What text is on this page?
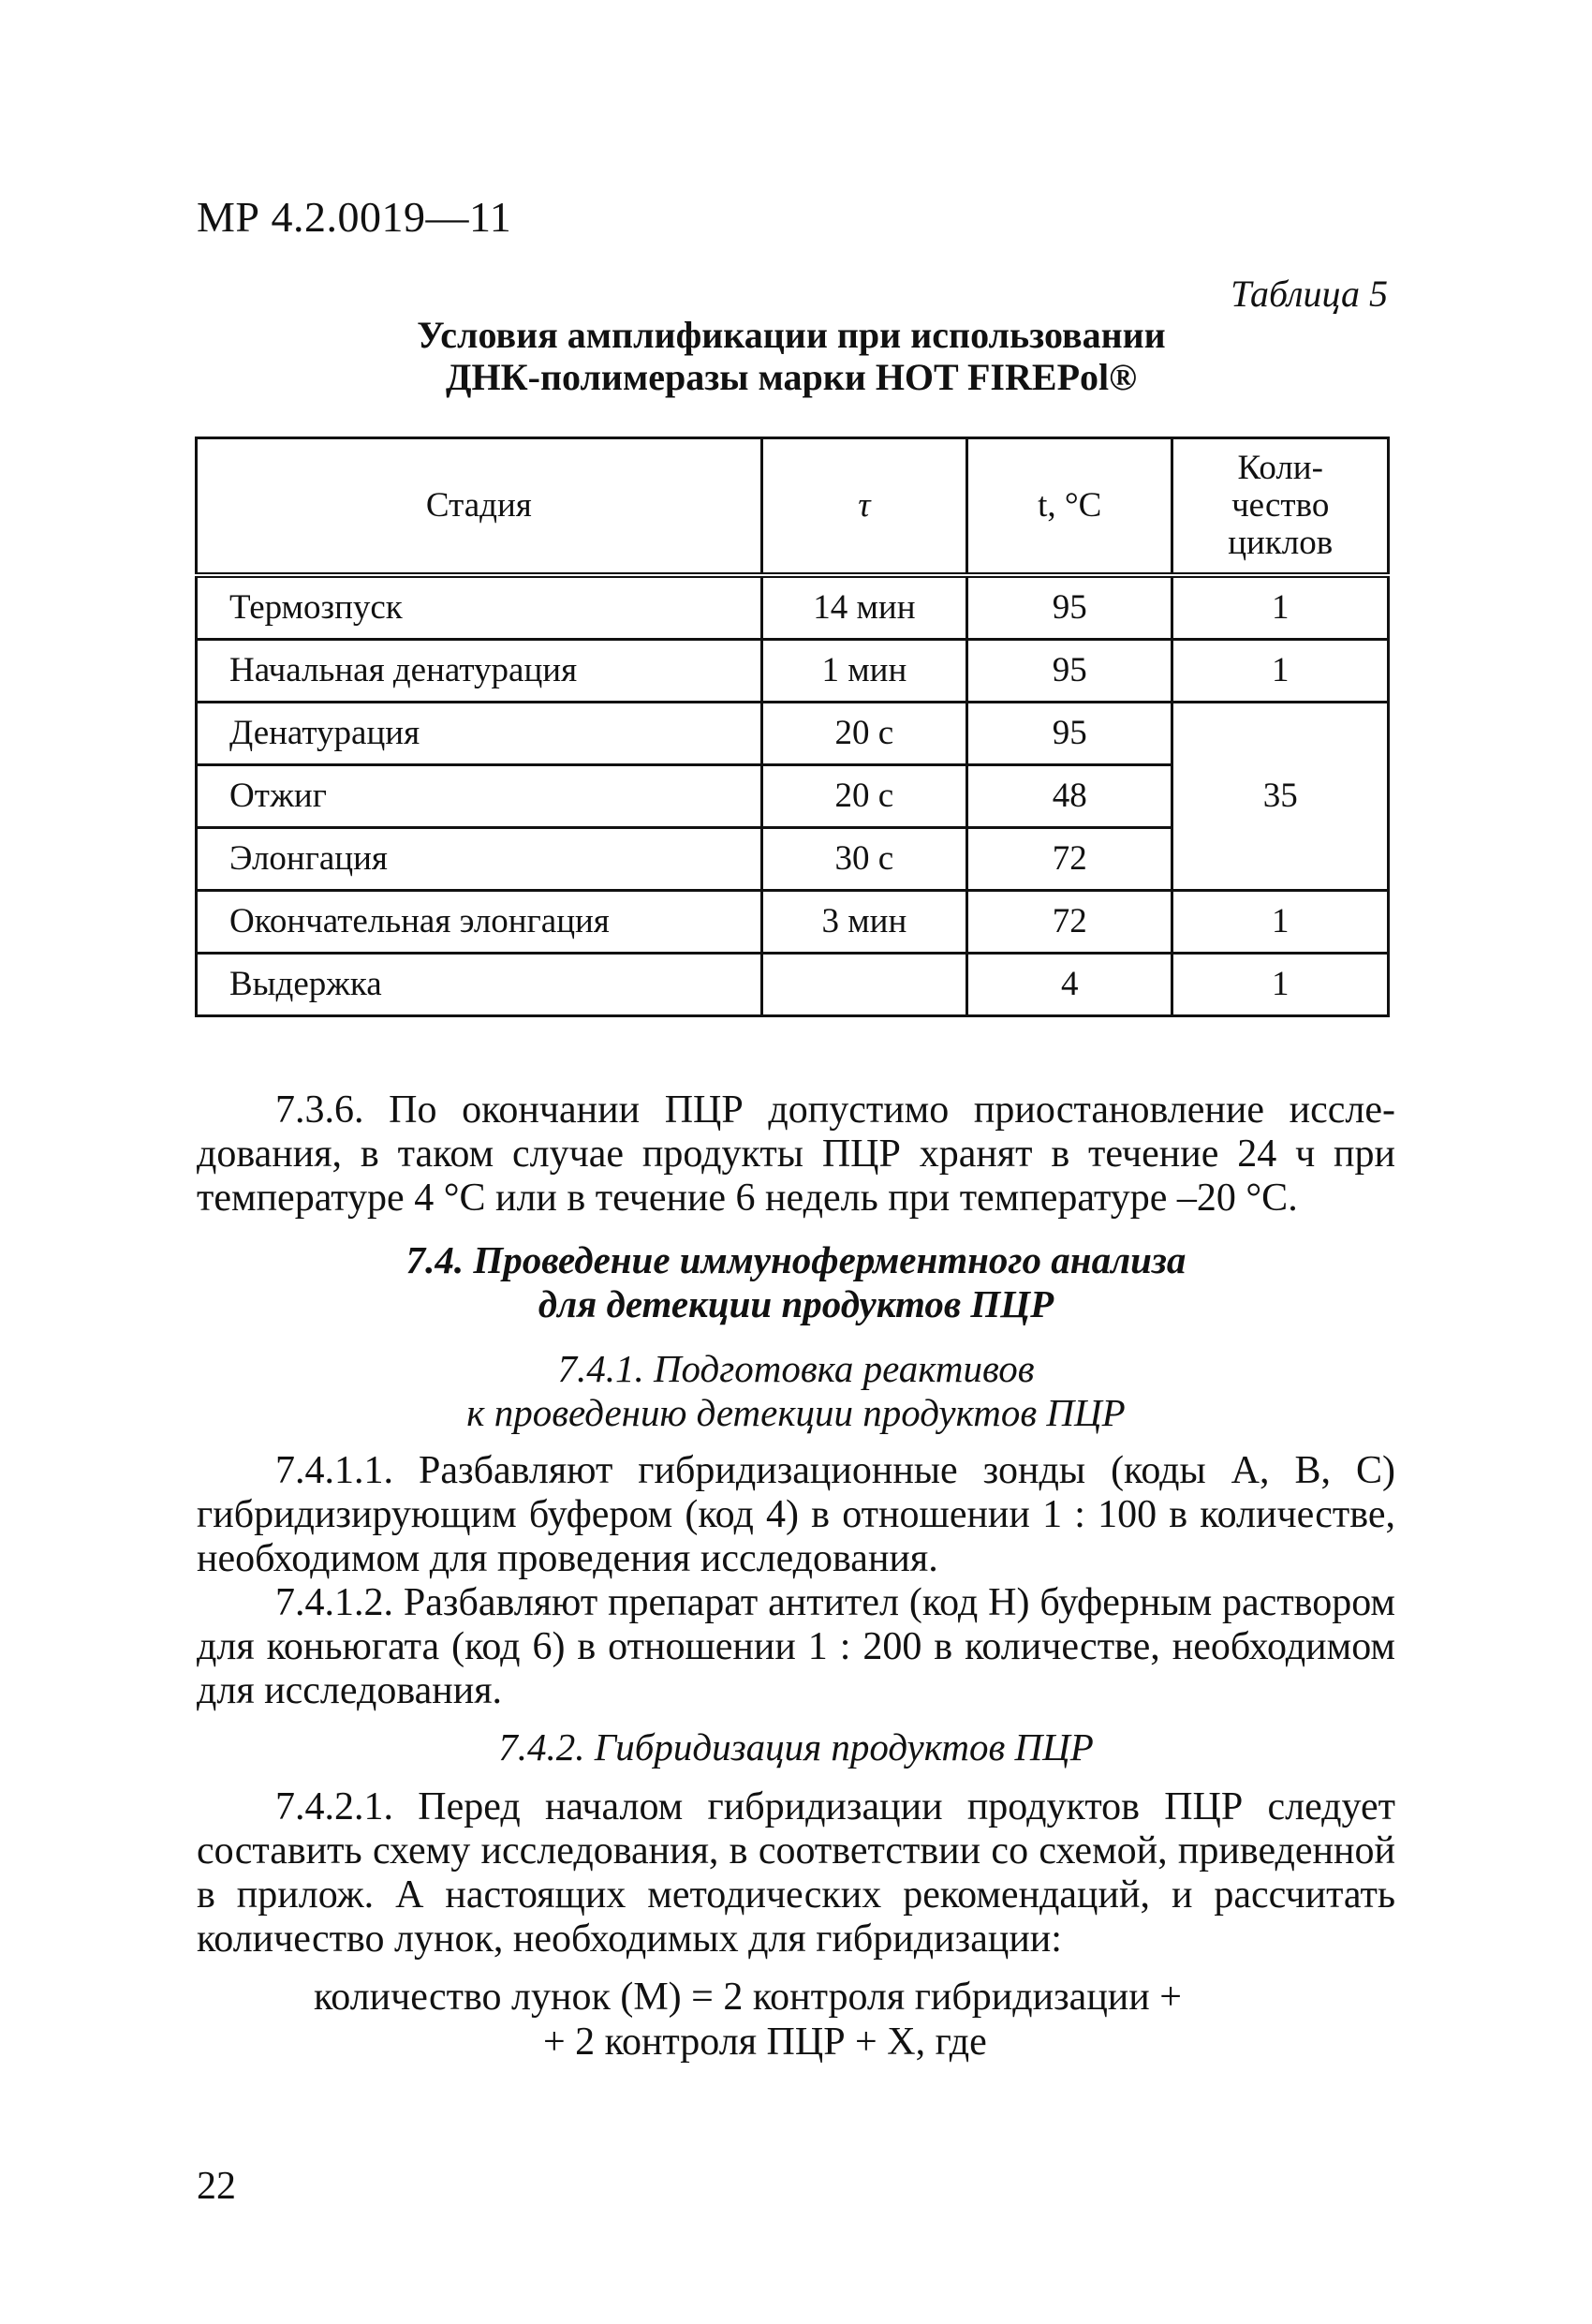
МР 4.2.0019—11
Таблица 5
Условия амплификации при использовании
ДНК-полимеразы марки HOT FIREPol®
Стадия	τ	t, °С	Коли-
чество
циклов

Термозпуск	14 мин	95	1
Начальная денатурация	1 мин	95	1
Денатурация	20 с	95	35
Отжиг	20 с	48	
Элонгация	30 с	72	
Окончательная элонгация	3 мин	72	1
Выдержка		4	1

7.3.6. По окончании ПЦР допустимо приостановление исследования, в таком случае продукты ПЦР хранят в течение 24 ч при температуре 4 °С или в течение 6 недель при температуре –20 °С.

7.4. Проведение иммуноферментного анализа
для детекции продуктов ПЦР
7.4.1. Подготовка реактивов
к проведению детекции продуктов ПЦР

7.4.1.1. Разбавляют гибридизационные зонды (коды А, В, С) гибридизирующим буфером (код 4) в отношении 1 : 100 в количестве, необходимом для проведения исследования.

7.4.1.2. Разбавляют препарат антител (код Н) буферным раствором для коньюгата (код 6) в отношении 1 : 200 в количестве, необходимом для исследования.

7.4.2. Гибридизация продуктов ПЦР

7.4.2.1. Перед началом гибридизации продуктов ПЦР следует составить схему исследования, в соответствии со схемой, приведенной в прилож. А настоящих методических рекомендаций, и рассчитать количество лунок, необходимых для гибридизации:

количество лунок (М) = 2 контроля гибридизации +
+ 2 контроля ПЦР + X, где
22
